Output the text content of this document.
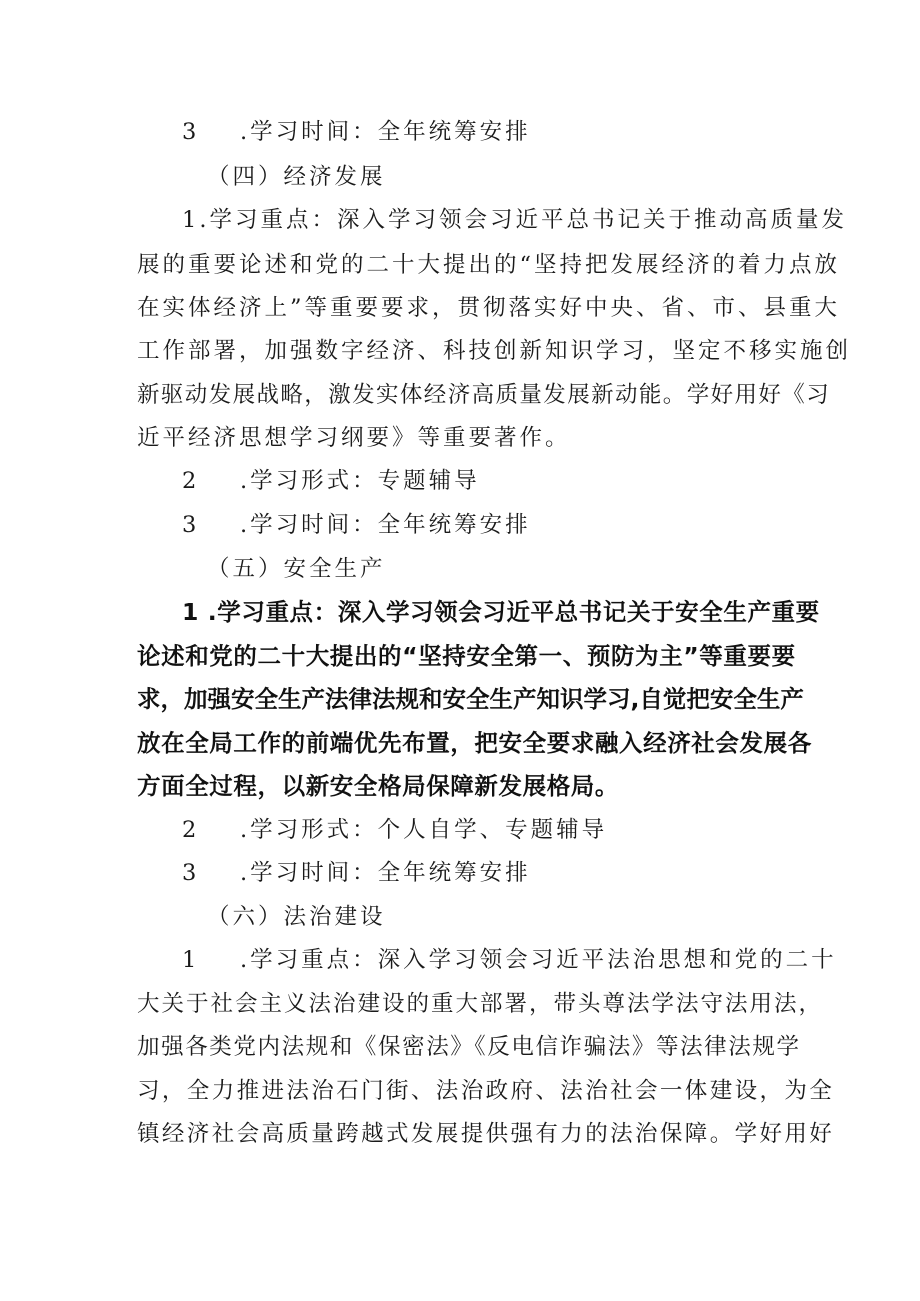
3 .学习时间：全年统筹安排
（四）经济发展
1.学习重点：深入学习领会习近平总书记关于推动高质量发
展的重要论述和党的二十大提出的“坚持把发展经济的着力点放
在实体经济上”等重要要求，贯彻落实好中央、省、市、县重大
工作部署，加强数字经济、科技创新知识学习，坚定不移实施创
新驱动发展战略，激发实体经济高质量发展新动能。学好用好《习
近平经济思想学习纲要》等重要著作。
2 .学习形式：专题辅导
3 .学习时间：全年统筹安排
（五）安全生产
1 .学习重点：深入学习领会习近平总书记关于安全生产重要
论述和党的二十大提出的“坚持安全第一、预防为主”等重要要
求，加强安全生产法律法规和安全生产知识学习,自觉把安全生产
放在全局工作的前端优先布置，把安全要求融入经济社会发展各
方面全过程，以新安全格局保障新发展格局。
2 .学习形式：个人自学、专题辅导
3 .学习时间：全年统筹安排
（六）法治建设
1 .学习重点：深入学习领会习近平法治思想和党的二十
大关于社会主义法治建设的重大部署，带头尊法学法守法用法，
加强各类党内法规和《保密法》《反电信诈骗法》等法律法规学
习，全力推进法治石门街、法治政府、法治社会一体建设，为全
镇经济社会高质量跨越式发展提供强有力的法治保障。学好用好
